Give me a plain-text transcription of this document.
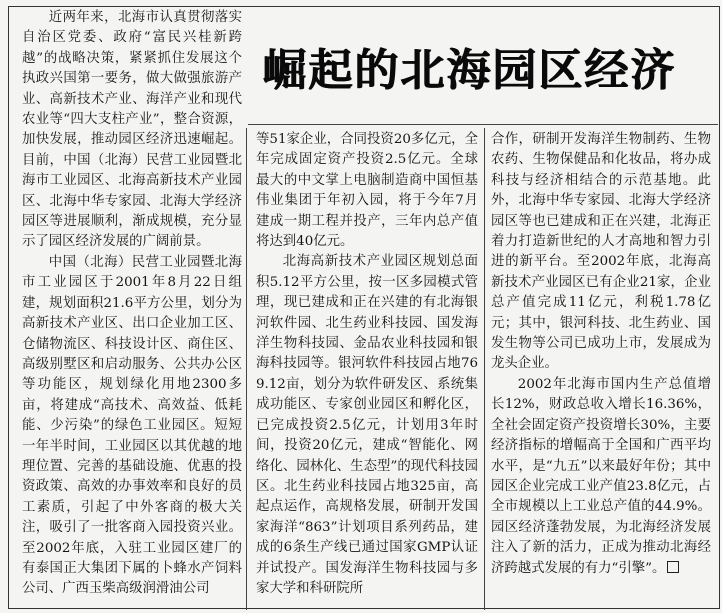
崛起的北海园区经济

近两年来，北海市认真贯彻落实自治区党委、政府“富民兴桂新跨越”的战略决策，紧紧抓住发展这个执政兴国第一要务，做大做强旅游产业、高新技术产业、海洋产业和现代农业等“四大支柱产业”，整合资源，加快发展，推动园区经济迅速崛起。目前，中国（北海）民营工业园暨北海市工业园区、北海高新技术产业园区、北海中华专家园、北海大学经济园区等进展顺利，渐成规模，充分显示了园区经济发展的广阔前景。

中国（北海）民营工业园暨北海市工业园区于2001年8月22日组建，规划面积21.6平方公里，划分为高新技术产业区、出口企业加工区、仓储物流区、科技设计区、商住区、高级别墅区和启动服务、公共办公区等功能区，规划绿化用地2300多亩，将建成“高技术、高效益、低耗能、少污染”的绿色工业园区。短短一年半时间，工业园区以其优越的地理位置、完善的基础设施、优惠的投资政策、高效的办事效率和良好的员工素质，引起了中外客商的极大关注，吸引了一批客商入园投资兴业。至2002年底，入驻工业园区建厂的有泰国正大集团下属的卜蜂水产饲料公司、广西玉柴高级润滑油公司

等51家企业，合同投资20多亿元，全年完成固定资产投资2.5亿元。全球最大的中文掌上电脑制造商中国恒基伟业集团于年初入园，将于今年7月建成一期工程并投产，三年内总产值将达到40亿元。

北海高新技术产业园区规划总面积5.12平方公里，按一区多园模式管理，现已建成和正在兴建的有北海银河软件园、北生药业科技园、国发海洋生物科技园、金品农业科技园和银海科技园等。银河软件科技园占地769.12亩，划分为软件研发区、系统集成功能区、专家创业园区和孵化区，已完成投资2.5亿元，计划用3年时间，投资20亿元，建成“智能化、网络化、园林化、生态型”的现代科技园区。北生药业科技园占地325亩，高起点运作，高规格发展，研制开发国家海洋“863”计划项目系列药品，建成的6条生产线已通过国家GMP认证并试投产。国发海洋生物科技园与多家大学和科研院所

合作，研制开发海洋生物制药、生物农药、生物保健品和化妆品，将办成科技与经济相结合的示范基地。此外，北海中华专家园、北海大学经济园区等也已建成和正在兴建，北海正着力打造新世纪的人才高地和智力引进的新平台。至2002年底，北海高新技术产业园区已有企业21家，企业总产值完成11亿元，利税1.78亿元；其中，银河科技、北生药业、国发生物等公司已成功上市，发展成为龙头企业。

2002年北海市国内生产总值增长12%，财政总收入增长16.36%，全社会固定资产投资增长30%，主要经济指标的增幅高于全国和广西平均水平，是“九五”以来最好年份；其中园区企业完成工业产值23.8亿元，占全市规模以上工业总产值的44.9%。园区经济蓬勃发展，为北海经济发展注入了新的活力，正成为推动北海经济跨越式发展的有力“引擎”。
